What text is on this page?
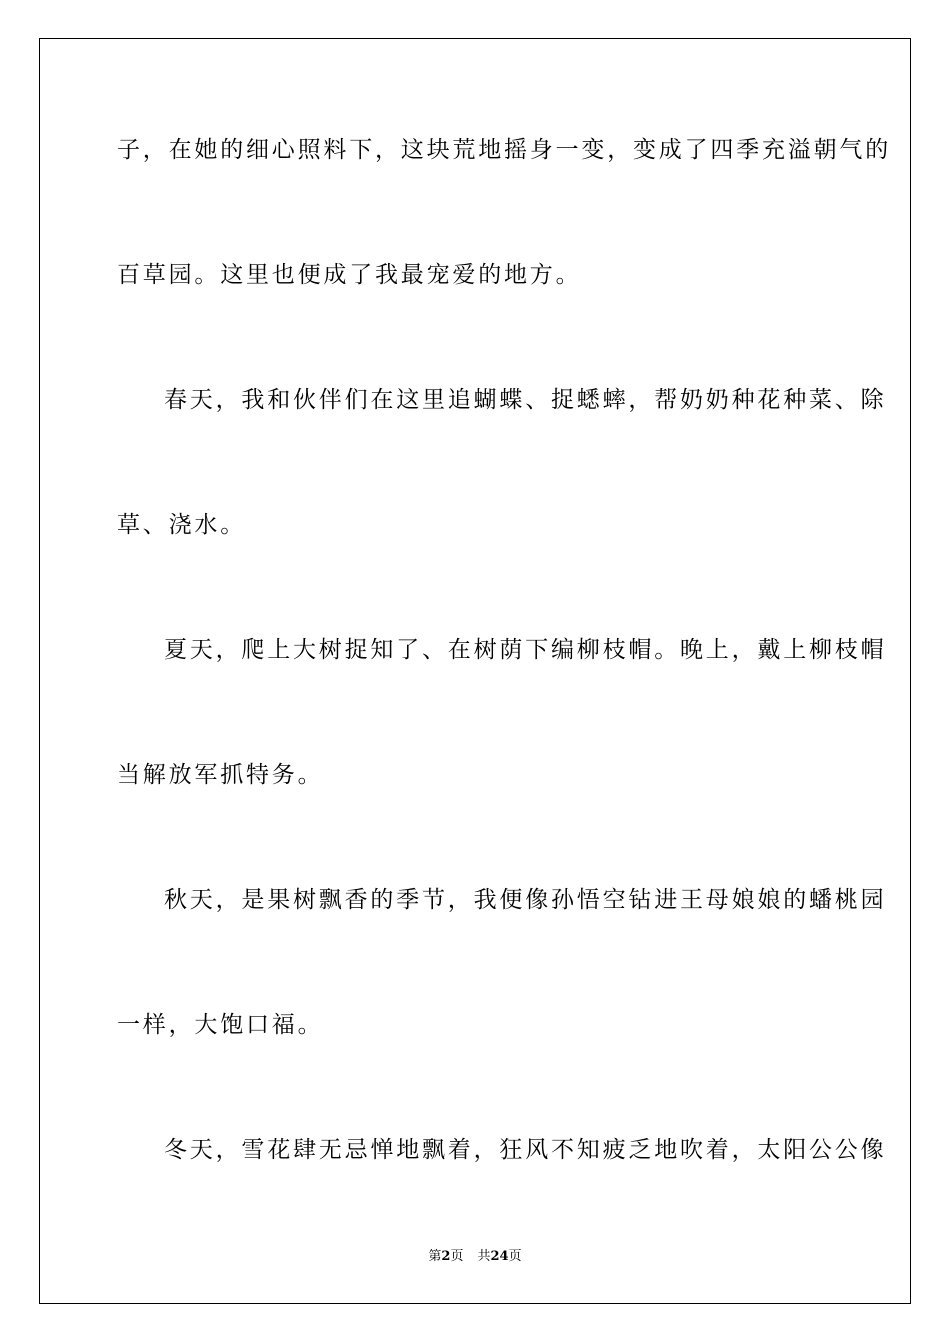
子，在她的细心照料下，这块荒地摇身一变，变成了四季充溢朝气的
百草园。这里也便成了我最宠爱的地方。
春天，我和伙伴们在这里追蝴蝶、捉蟋蟀，帮奶奶种花种菜、除
草、浇水。
夏天，爬上大树捉知了、在树荫下编柳枝帽。晚上，戴上柳枝帽
当解放军抓特务。
秋天，是果树飘香的季节，我便像孙悟空钻进王母娘娘的蟠桃园
一样，大饱口福。
冬天，雪花肆无忌惮地飘着，狂风不知疲乏地吹着，太阳公公像
第2页 共24页
